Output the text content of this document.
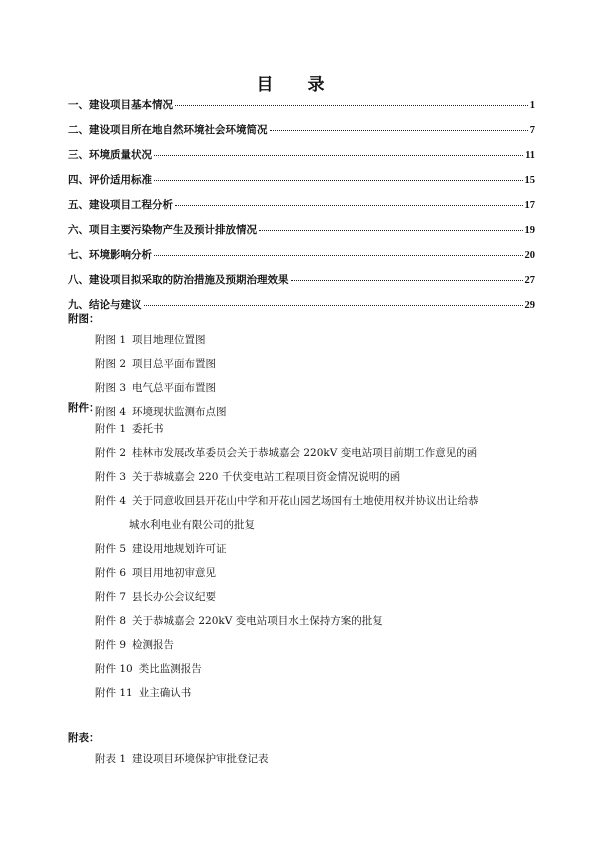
目 录
一、建设项目基本情况	1
二、建设项目所在地自然环境社会环境简况	7
三、环境质量状况	11
四、评价适用标准	15
五、建设项目工程分析	17
六、项目主要污染物产生及预计排放情况	19
七、环境影响分析	20
八、建设项目拟采取的防治措施及预期治理效果	27
九、结论与建议	29
附图：
附图 1 项目地理位置图
附图 2 项目总平面布置图
附图 3 电气总平面布置图
附图 4 环境现状监测布点图
附件：
附件 1 委托书
附件 2 桂林市发展改革委员会关于恭城嘉会 220kV 变电站项目前期工作意见的函
附件 3 关于恭城嘉会 220 千伏变电站工程项目资金情况说明的函
附件 4 关于同意收回县开花山中学和开花山园艺场国有土地使用权并协议出让给恭
城水利电业有限公司的批复
附件 5 建设用地规划许可证
附件 6 项目用地初审意见
附件 7 县长办公会议纪要
附件 8 关于恭城嘉会 220kV 变电站项目水土保持方案的批复
附件 9 检测报告
附件 10 类比监测报告
附件 11 业主确认书
附表：
附表 1 建设项目环境保护审批登记表
